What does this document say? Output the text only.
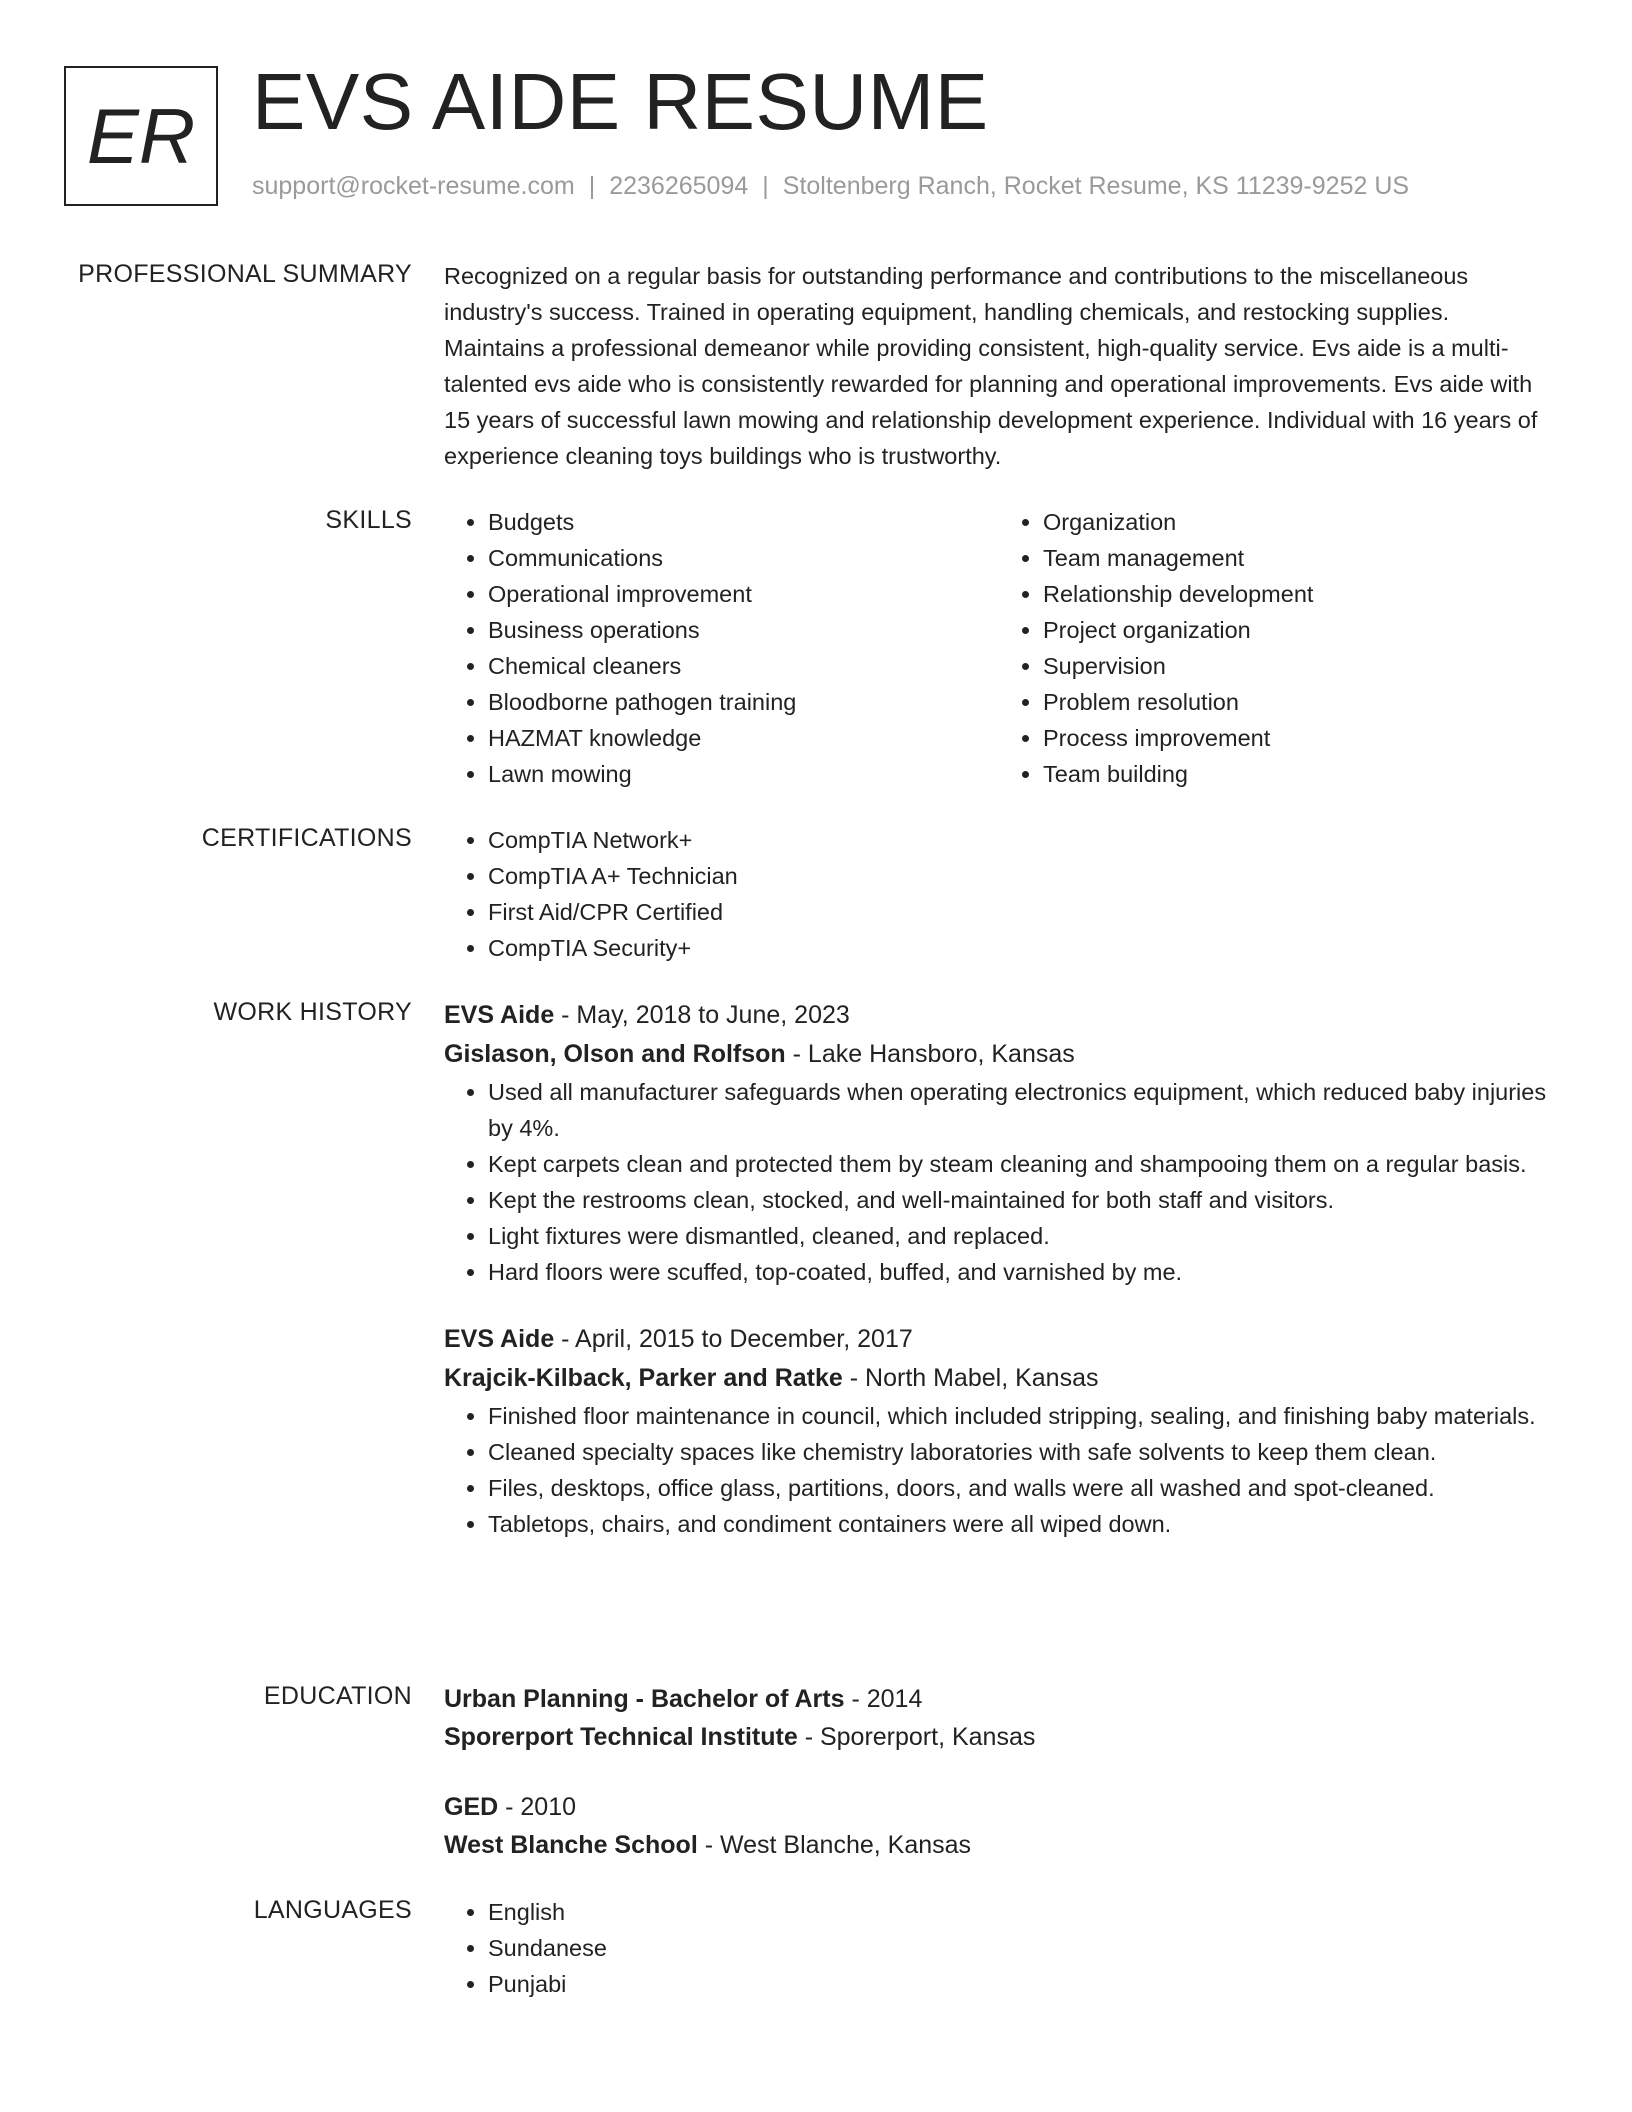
ER EVS AIDE RESUME
support@rocket-resume.com | 2236265094 | Stoltenberg Ranch, Rocket Resume, KS 11239-9252 US
PROFESSIONAL SUMMARY Recognized on a regular basis for outstanding performance and contributions to the miscellaneous industry's success. Trained in operating equipment, handling chemicals, and restocking supplies. Maintains a professional demeanor while providing consistent, high-quality service. Evs aide is a multi-talented evs aide who is consistently rewarded for planning and operational improvements. Evs aide with 15 years of successful lawn mowing and relationship development experience. Individual with 16 years of experience cleaning toys buildings who is trustworthy.

SKILLS	• Budgets
• Communications
• Operational improvement
• Business operations
• Chemical cleaners
• Bloodborne pathogen training
• HAZMAT knowledge
• Lawn mowing
• Organization
• Team management
• Relationship development
• Project organization
• Supervision
• Problem resolution
• Process improvement
• Team building
CERTIFICATIONS	• CompTIA Network+
• CompTIA A+ Technician
• First Aid/CPR Certified
• CompTIA Security+
WORK HISTORY EVS Aide - May, 2018 to June, 2023
Gislason, Olson and Rolfson - Lake Hansboro, Kansas
• Used all manufacturer safeguards when operating electronics equipment, which reduced baby injuries by 4%.
• Kept carpets clean and protected them by steam cleaning and shampooing them on a regular basis.
• Kept the restrooms clean, stocked, and well-maintained for both staff and visitors.
• Light fixtures were dismantled, cleaned, and replaced.
• Hard floors were scuffed, top-coated, buffed, and varnished by me.
EVS Aide - April, 2015 to December, 2017
Krajcik-Kilback, Parker and Ratke - North Mabel, Kansas
• Finished floor maintenance in council, which included stripping, sealing, and finishing baby materials.
• Cleaned specialty spaces like chemistry laboratories with safe solvents to keep them clean.
• Files, desktops, office glass, partitions, doors, and walls were all washed and spot-cleaned.
• Tabletops, chairs, and condiment containers were all wiped down.
EDUCATION Urban Planning - Bachelor of Arts - 2014
Sporerport Technical Institute - Sporerport, Kansas
GED - 2010
West Blanche School - West Blanche, Kansas
LANGUAGES	• English
• Sundanese
• Punjabi
